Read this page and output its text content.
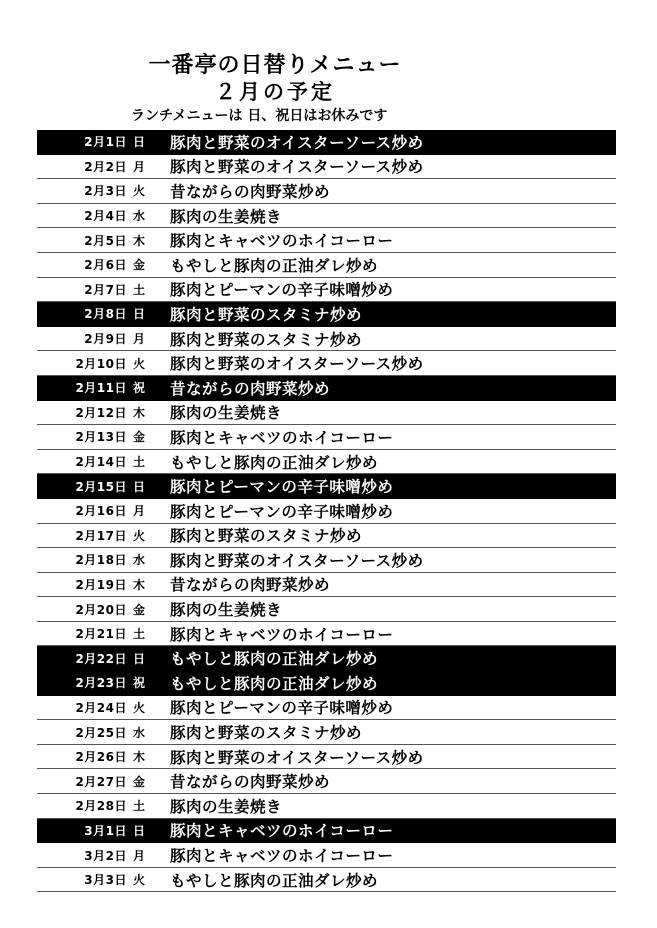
一番亭の日替りメニュー
２月の予定
ランチメニューは 日、祝日はお休みです
2月1日 日 豚肉と野菜のオイスターソース炒め
2月2日 月 豚肉と野菜のオイスターソース炒め
2月3日 火 昔ながらの肉野菜炒め
2月4日 水 豚肉の生姜焼き
2月5日 木 豚肉とキャベツのホイコーロー
2月6日 金 もやしと豚肉の正油ダレ炒め
2月7日 土 豚肉とピーマンの辛子味噌炒め
2月8日 日 豚肉と野菜のスタミナ炒め
2月9日 月 豚肉と野菜のスタミナ炒め
2月10日 火 豚肉と野菜のオイスターソース炒め
2月11日 祝 昔ながらの肉野菜炒め
2月12日 木 豚肉の生姜焼き
2月13日 金 豚肉とキャベツのホイコーロー
2月14日 土 もやしと豚肉の正油ダレ炒め
2月15日 日 豚肉とピーマンの辛子味噌炒め
2月16日 月 豚肉とピーマンの辛子味噌炒め
2月17日 火 豚肉と野菜のスタミナ炒め
2月18日 水 豚肉と野菜のオイスターソース炒め
2月19日 木 昔ながらの肉野菜炒め
2月20日 金 豚肉の生姜焼き
2月21日 土 豚肉とキャベツのホイコーロー
2月22日 日 もやしと豚肉の正油ダレ炒め
2月23日 祝 もやしと豚肉の正油ダレ炒め
2月24日 火 豚肉とピーマンの辛子味噌炒め
2月25日 水 豚肉と野菜のスタミナ炒め
2月26日 木 豚肉と野菜のオイスターソース炒め
2月27日 金 昔ながらの肉野菜炒め
2月28日 土 豚肉の生姜焼き
3月1日 日 豚肉とキャベツのホイコーロー
3月2日 月 豚肉とキャベツのホイコーロー
3月3日 火 もやしと豚肉の正油ダレ炒め
